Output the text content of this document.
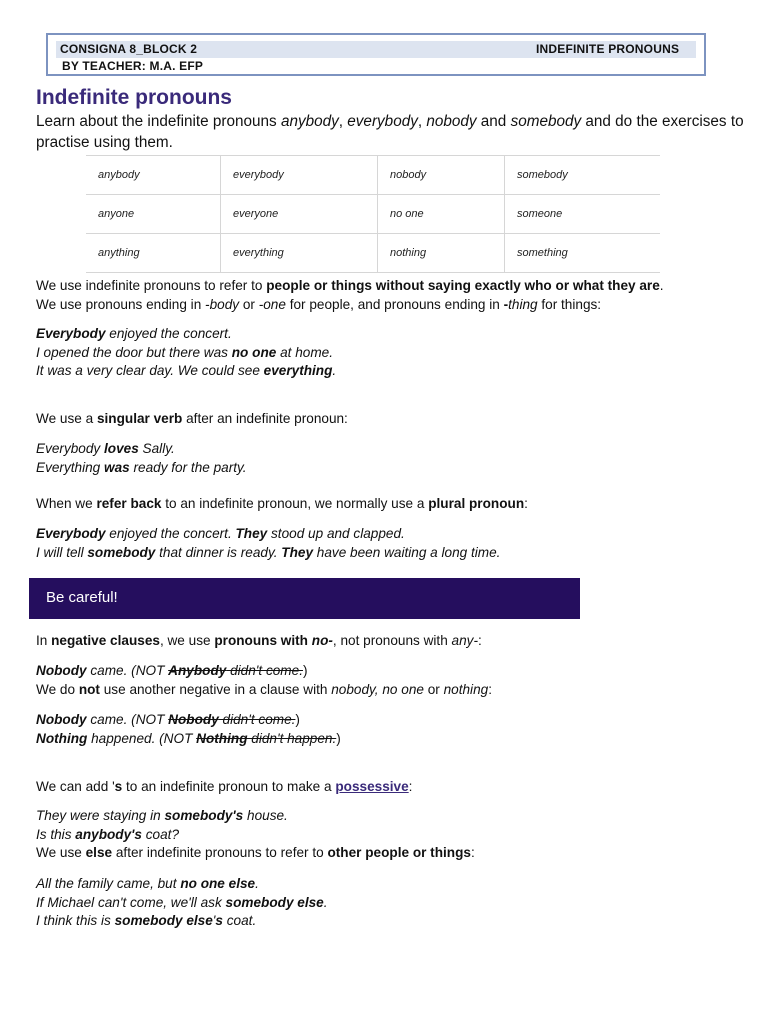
CONSIGNA 8_BLOCK 2	INDEFINITE PRONOUNS
BY TEACHER: M.A. EFP
Indefinite pronouns
Learn about the indefinite pronouns anybody, everybody, nobody and somebody and do the exercises to practise using them.
anybody	everybody	nobody	somebody
anyone	everyone	no one	someone
anything	everything	nothing	something
We use indefinite pronouns to refer to people or things without saying exactly who or what they are.
We use pronouns ending in -body or -one for people, and pronouns ending in -thing for things:
Everybody enjoyed the concert.
I opened the door but there was no one at home.
It was a very clear day. We could see everything.
We use a singular verb after an indefinite pronoun:
Everybody loves Sally.
Everything was ready for the party.
When we refer back to an indefinite pronoun, we normally use a plural pronoun:
Everybody enjoyed the concert. They stood up and clapped.
I will tell somebody that dinner is ready. They have been waiting a long time.
Be careful!
In negative clauses, we use pronouns with no-, not pronouns with any-:
Nobody came. (NOT Anybody didn't come.)
We do not use another negative in a clause with nobody, no one or nothing:
Nobody came. (NOT Nobody didn't come.)
Nothing happened. (NOT Nothing didn't happen.)
We can add 's to an indefinite pronoun to make a possessive:
They were staying in somebody's house.
Is this anybody's coat?
We use else after indefinite pronouns to refer to other people or things:
All the family came, but no one else.
If Michael can't come, we'll ask somebody else.
I think this is somebody else's coat.
